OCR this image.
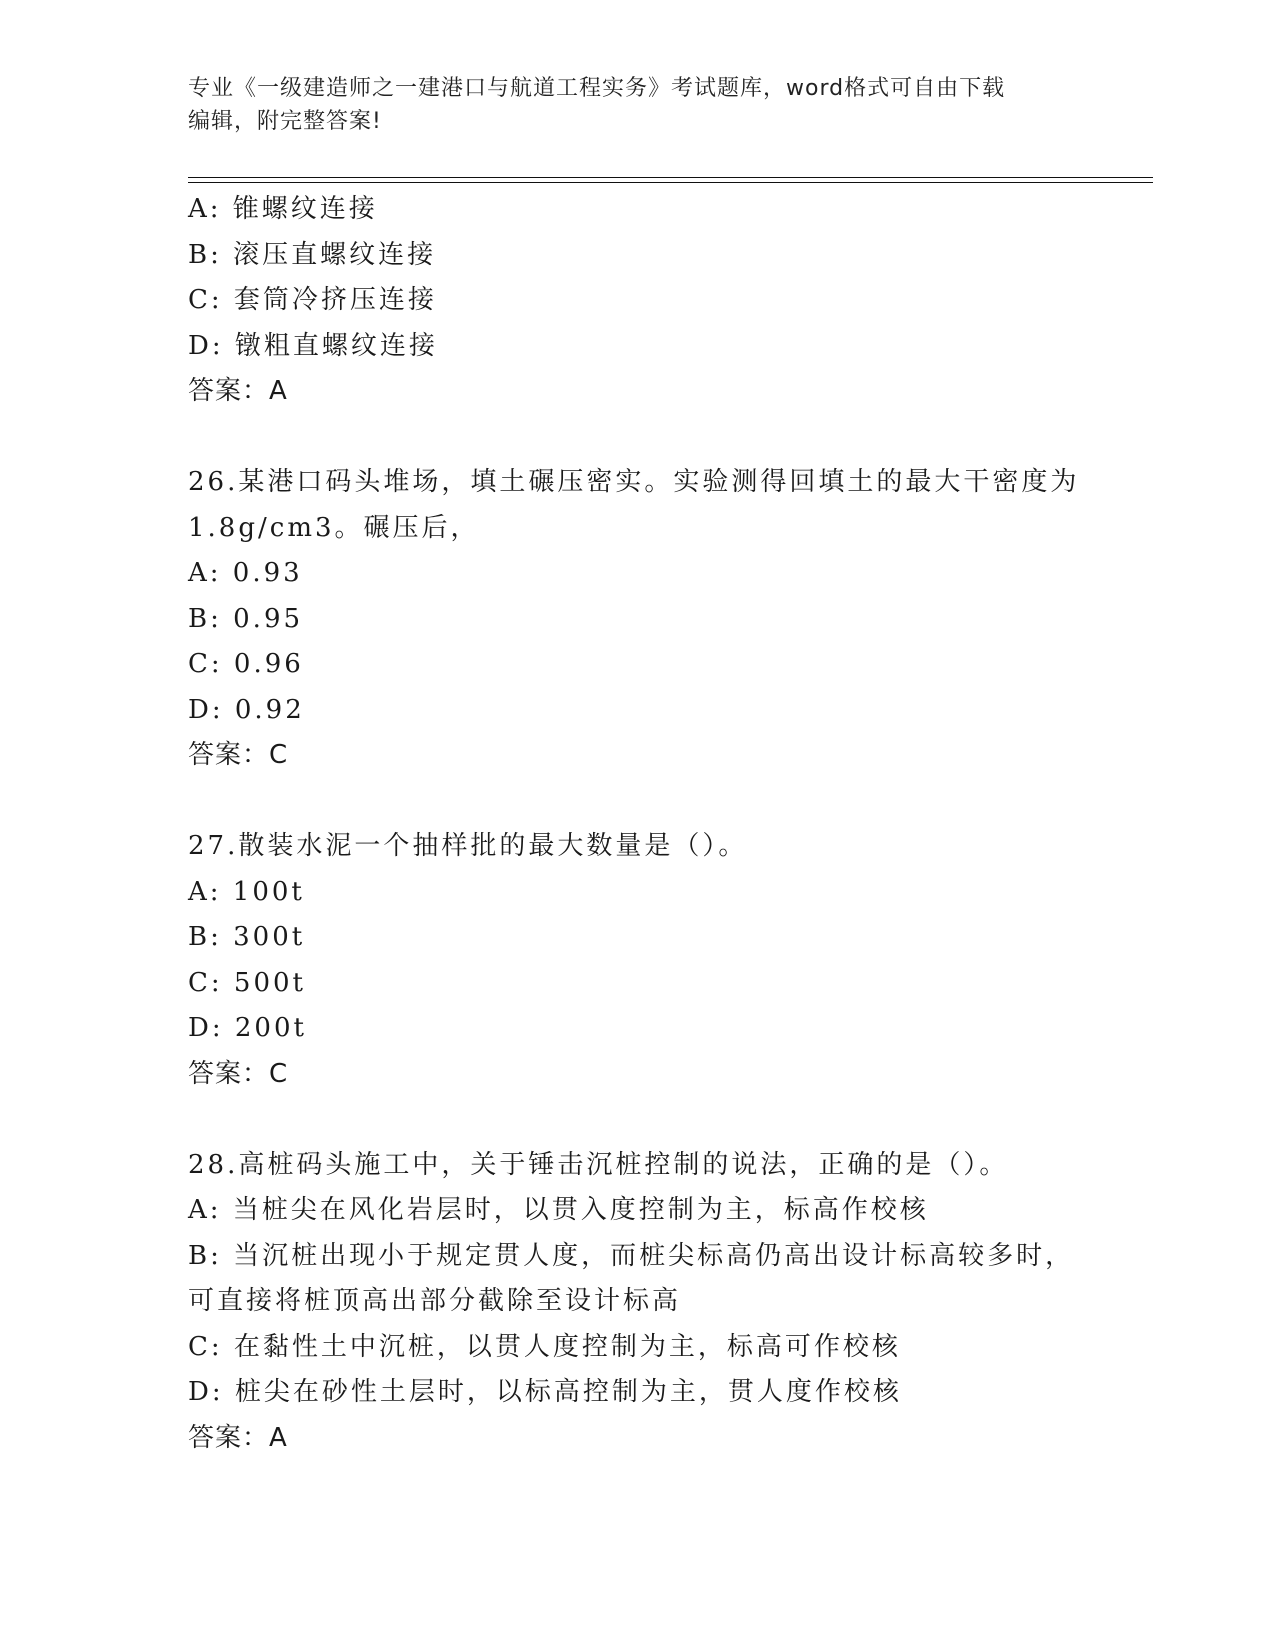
专业《一级建造师之一建港口与航道工程实务》考试题库，word格式可自由下载
编辑，附完整答案!
A: 锥螺纹连接
B: 滚压直螺纹连接
C: 套筒冷挤压连接
D: 镦粗直螺纹连接
答案：A
26.某港口码头堆场，填土碾压密实。实验测得回填土的最大干密度为
1.8g/cm3。碾压后，
A: 0.93
B: 0.95
C: 0.96
D: 0.92
答案：C
27.散装水泥一个抽样批的最大数量是（）。
A: 100t
B: 300t
C: 500t
D: 200t
答案：C
28.高桩码头施工中，关于锤击沉桩控制的说法，正确的是（）。
A: 当桩尖在风化岩层时，以贯入度控制为主，标高作校核
B: 当沉桩出现小于规定贯人度，而桩尖标高仍高出设计标高较多时，
可直接将桩顶高出部分截除至设计标高
C: 在黏性土中沉桩，以贯人度控制为主，标高可作校核
D: 桩尖在砂性土层时，以标高控制为主，贯人度作校核
答案：A
